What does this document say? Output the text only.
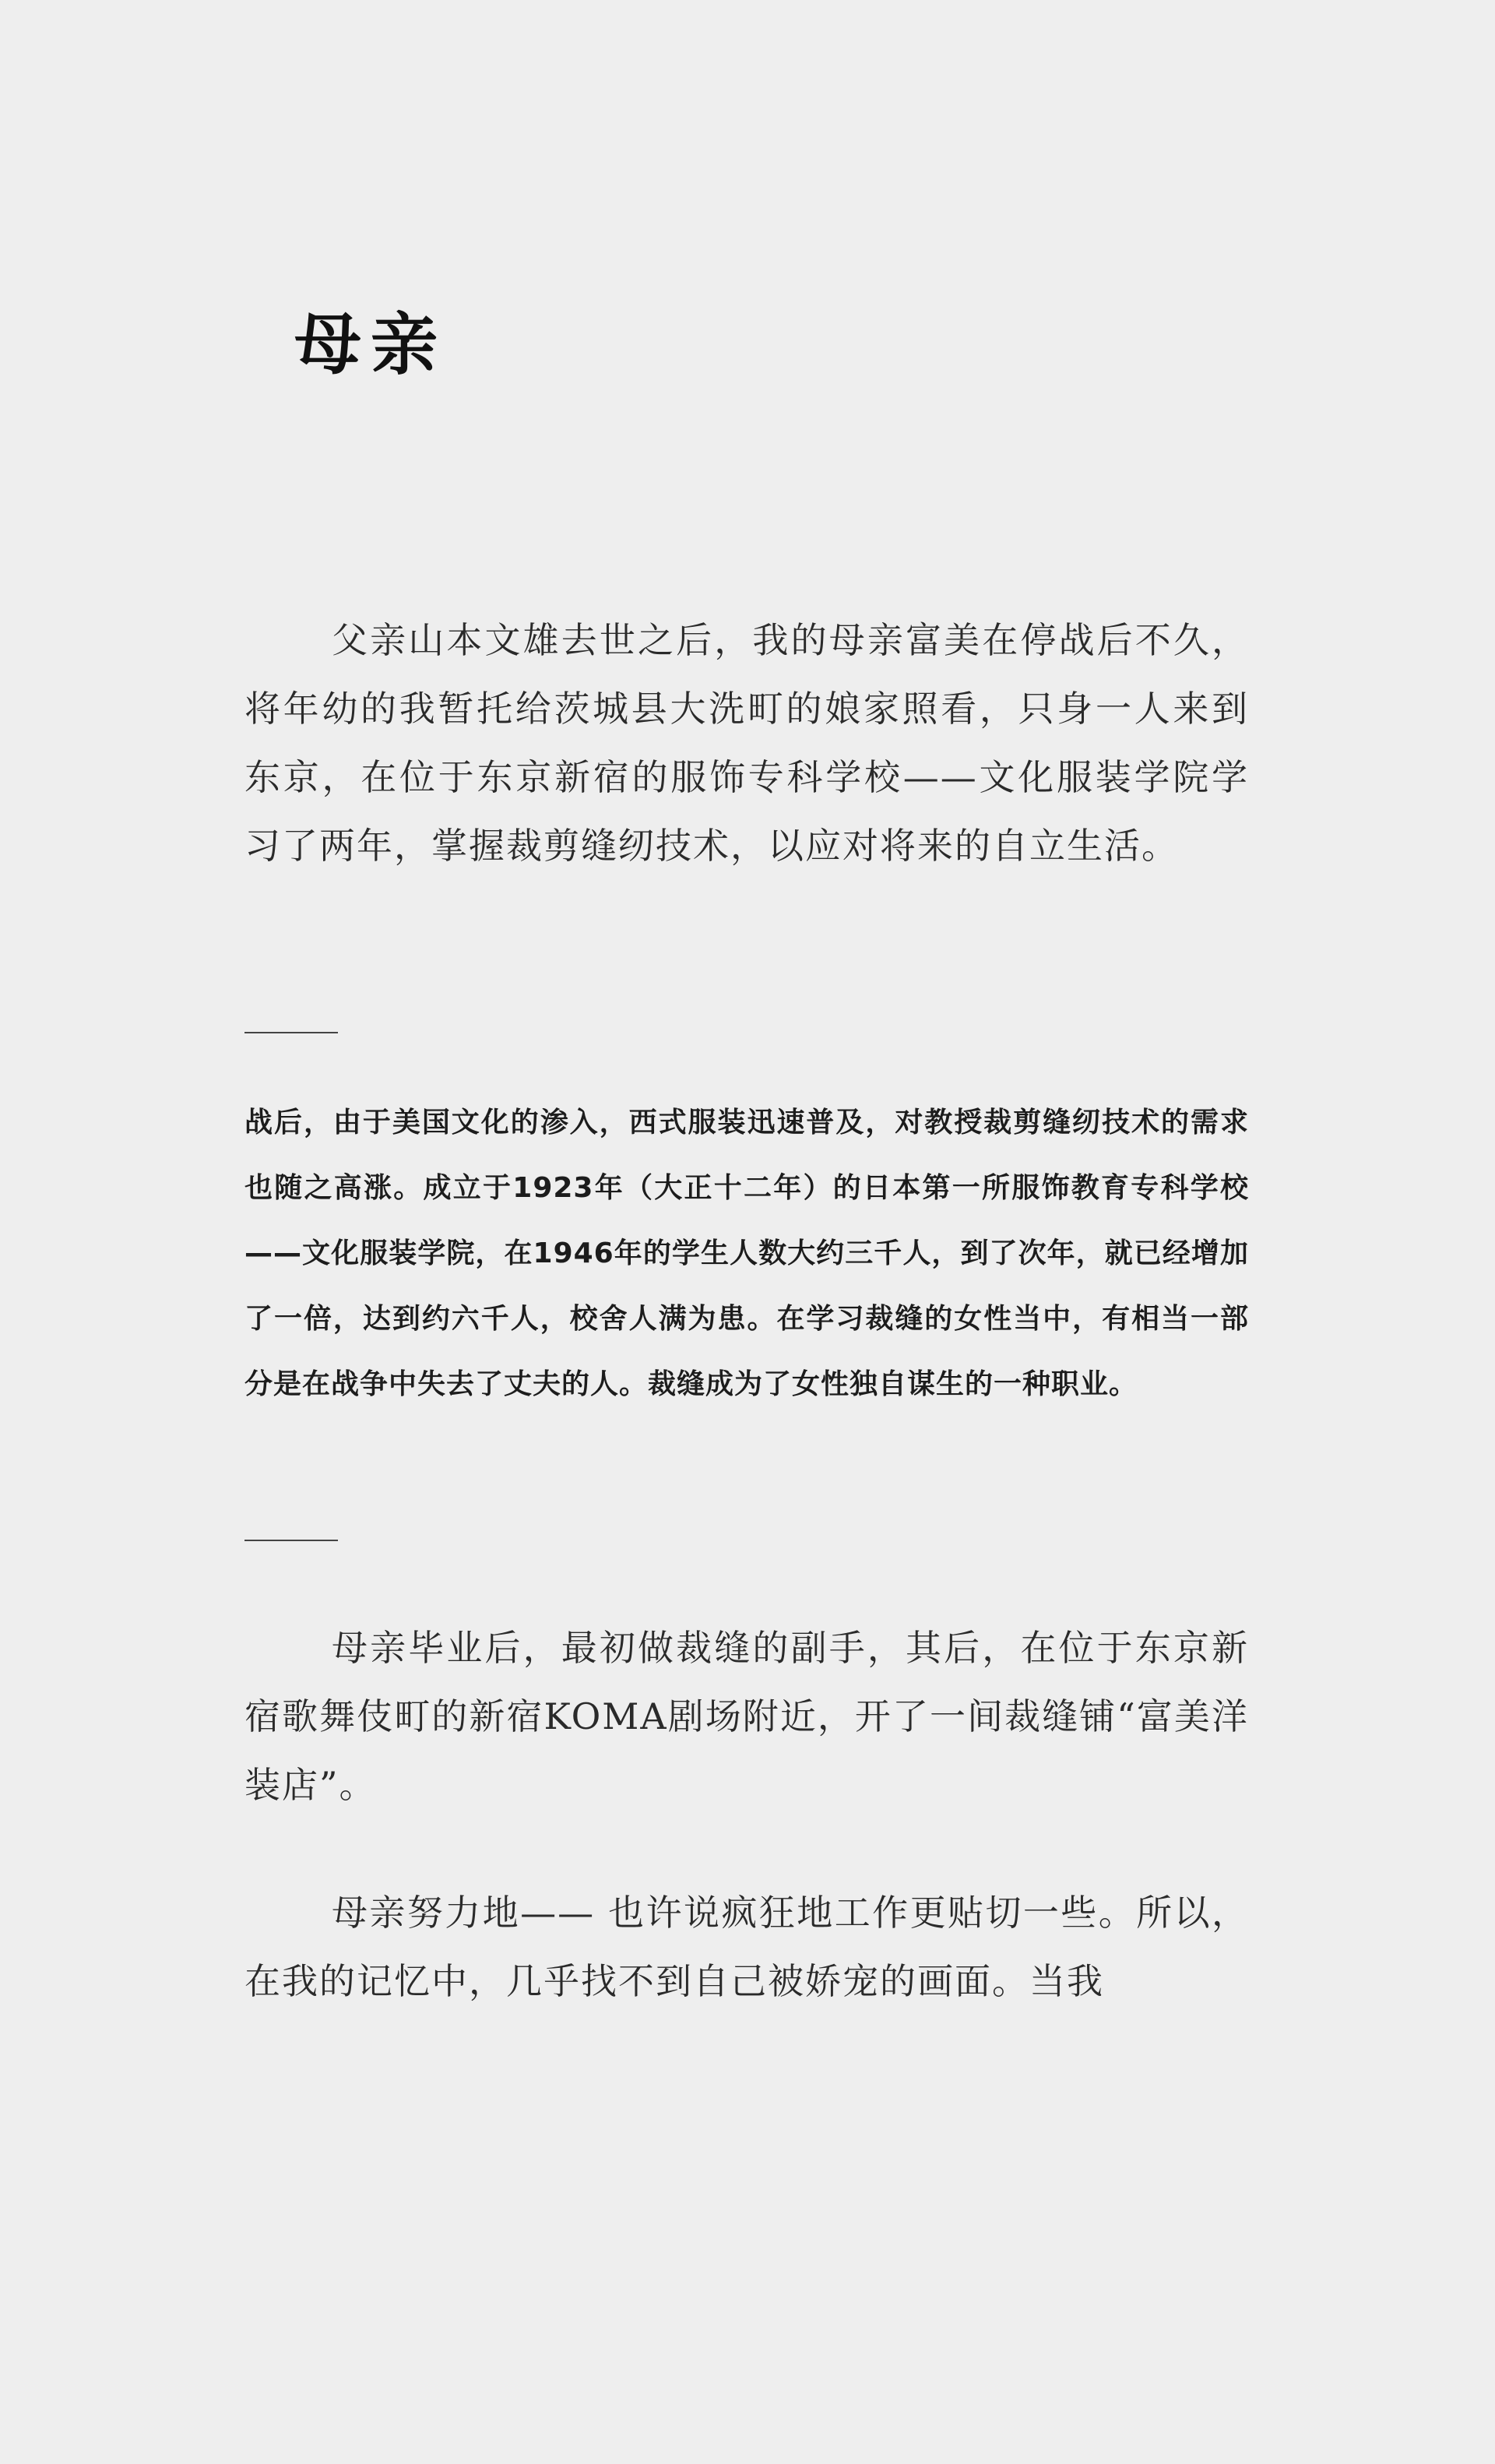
母亲

父亲山本文雄去世之后，我的母亲富美在停战后不久，将年幼的我暂托给茨城县大洗町的娘家照看，只身一人来到东京，在位于东京新宿的服饰专科学校——文化服装学院学习了两年，掌握裁剪缝纫技术，以应对将来的自立生活。

战后，由于美国文化的渗入，西式服装迅速普及，对教授裁剪缝纫技术的需求也随之高涨。成立于1923年（大正十二年）的日本第一所服饰教育专科学校——文化服装学院，在1946年的学生人数大约三千人，到了次年，就已经增加了一倍，达到约六千人，校舍人满为患。在学习裁缝的女性当中，有相当一部分是在战争中失去了丈夫的人。裁缝成为了女性独自谋生的一种职业。

母亲毕业后，最初做裁缝的副手，其后，在位于东京新宿歌舞伎町的新宿KOMA剧场附近，开了一间裁缝铺“富美洋装店”。

母亲努力地—— 也许说疯狂地工作更贴切一些。所以，在我的记忆中，几乎找不到自己被娇宠的画面。当我
